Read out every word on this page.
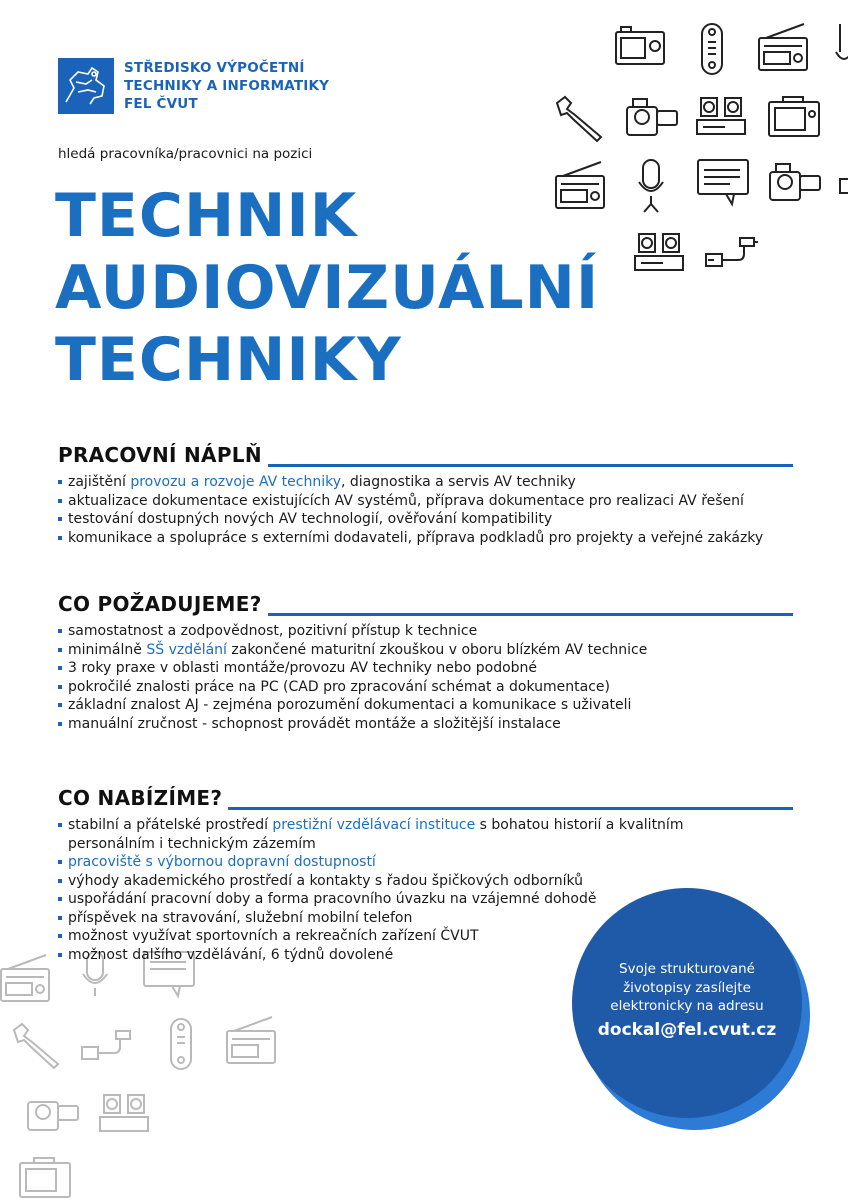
STŘEDISKO VÝPOČETNÍ
TECHNIKY A INFORMATIKY
FEL ČVUT
hledá pracovníka/pracovnici na pozici
TECHNIK
AUDIOVIZUÁLNÍ
TECHNIKY
PRACOVNÍ NÁPLŇ
zajištění provozu a rozvoje AV techniky, diagnostika a servis AV techniky
aktualizace dokumentace existujících AV systémů, příprava dokumentace pro realizaci AV řešení
testování dostupných nových AV technologií, ověřování kompatibility
komunikace a spolupráce s externími dodavateli, příprava podkladů pro projekty a veřejné zakázky
CO POŽADUJEME?
samostatnost a zodpovědnost, pozitivní přístup k technice
minimálně SŠ vzdělání zakončené maturitní zkouškou v oboru blízkém AV technice
3 roky praxe v oblasti montáže/provozu AV techniky nebo podobné
pokročilé znalosti práce na PC (CAD pro zpracování schémat a dokumentace)
základní znalost AJ - zejména porozumění dokumentaci a komunikace s uživateli
manuální zručnost - schopnost provádět montáže a složitější instalace
CO NABÍZÍME?
stabilní a přátelské prostředí prestižní vzdělávací instituce s bohatou historií a kvalitním personálním i technickým zázemím
pracoviště s výbornou dopravní dostupností
výhody akademického prostředí a kontakty s řadou špičkových odborníků
uspořádání pracovní doby a forma pracovního úvazku na vzájemné dohodě
příspěvek na stravování, služební mobilní telefon
možnost využívat sportovních a rekreačních zařízení ČVUT
možnost dalšího vzdělávání, 6 týdnů dovolené
Svoje strukturované
životopisy zasílejte
elektronicky na adresu
dockal@fel.cvut.cz
